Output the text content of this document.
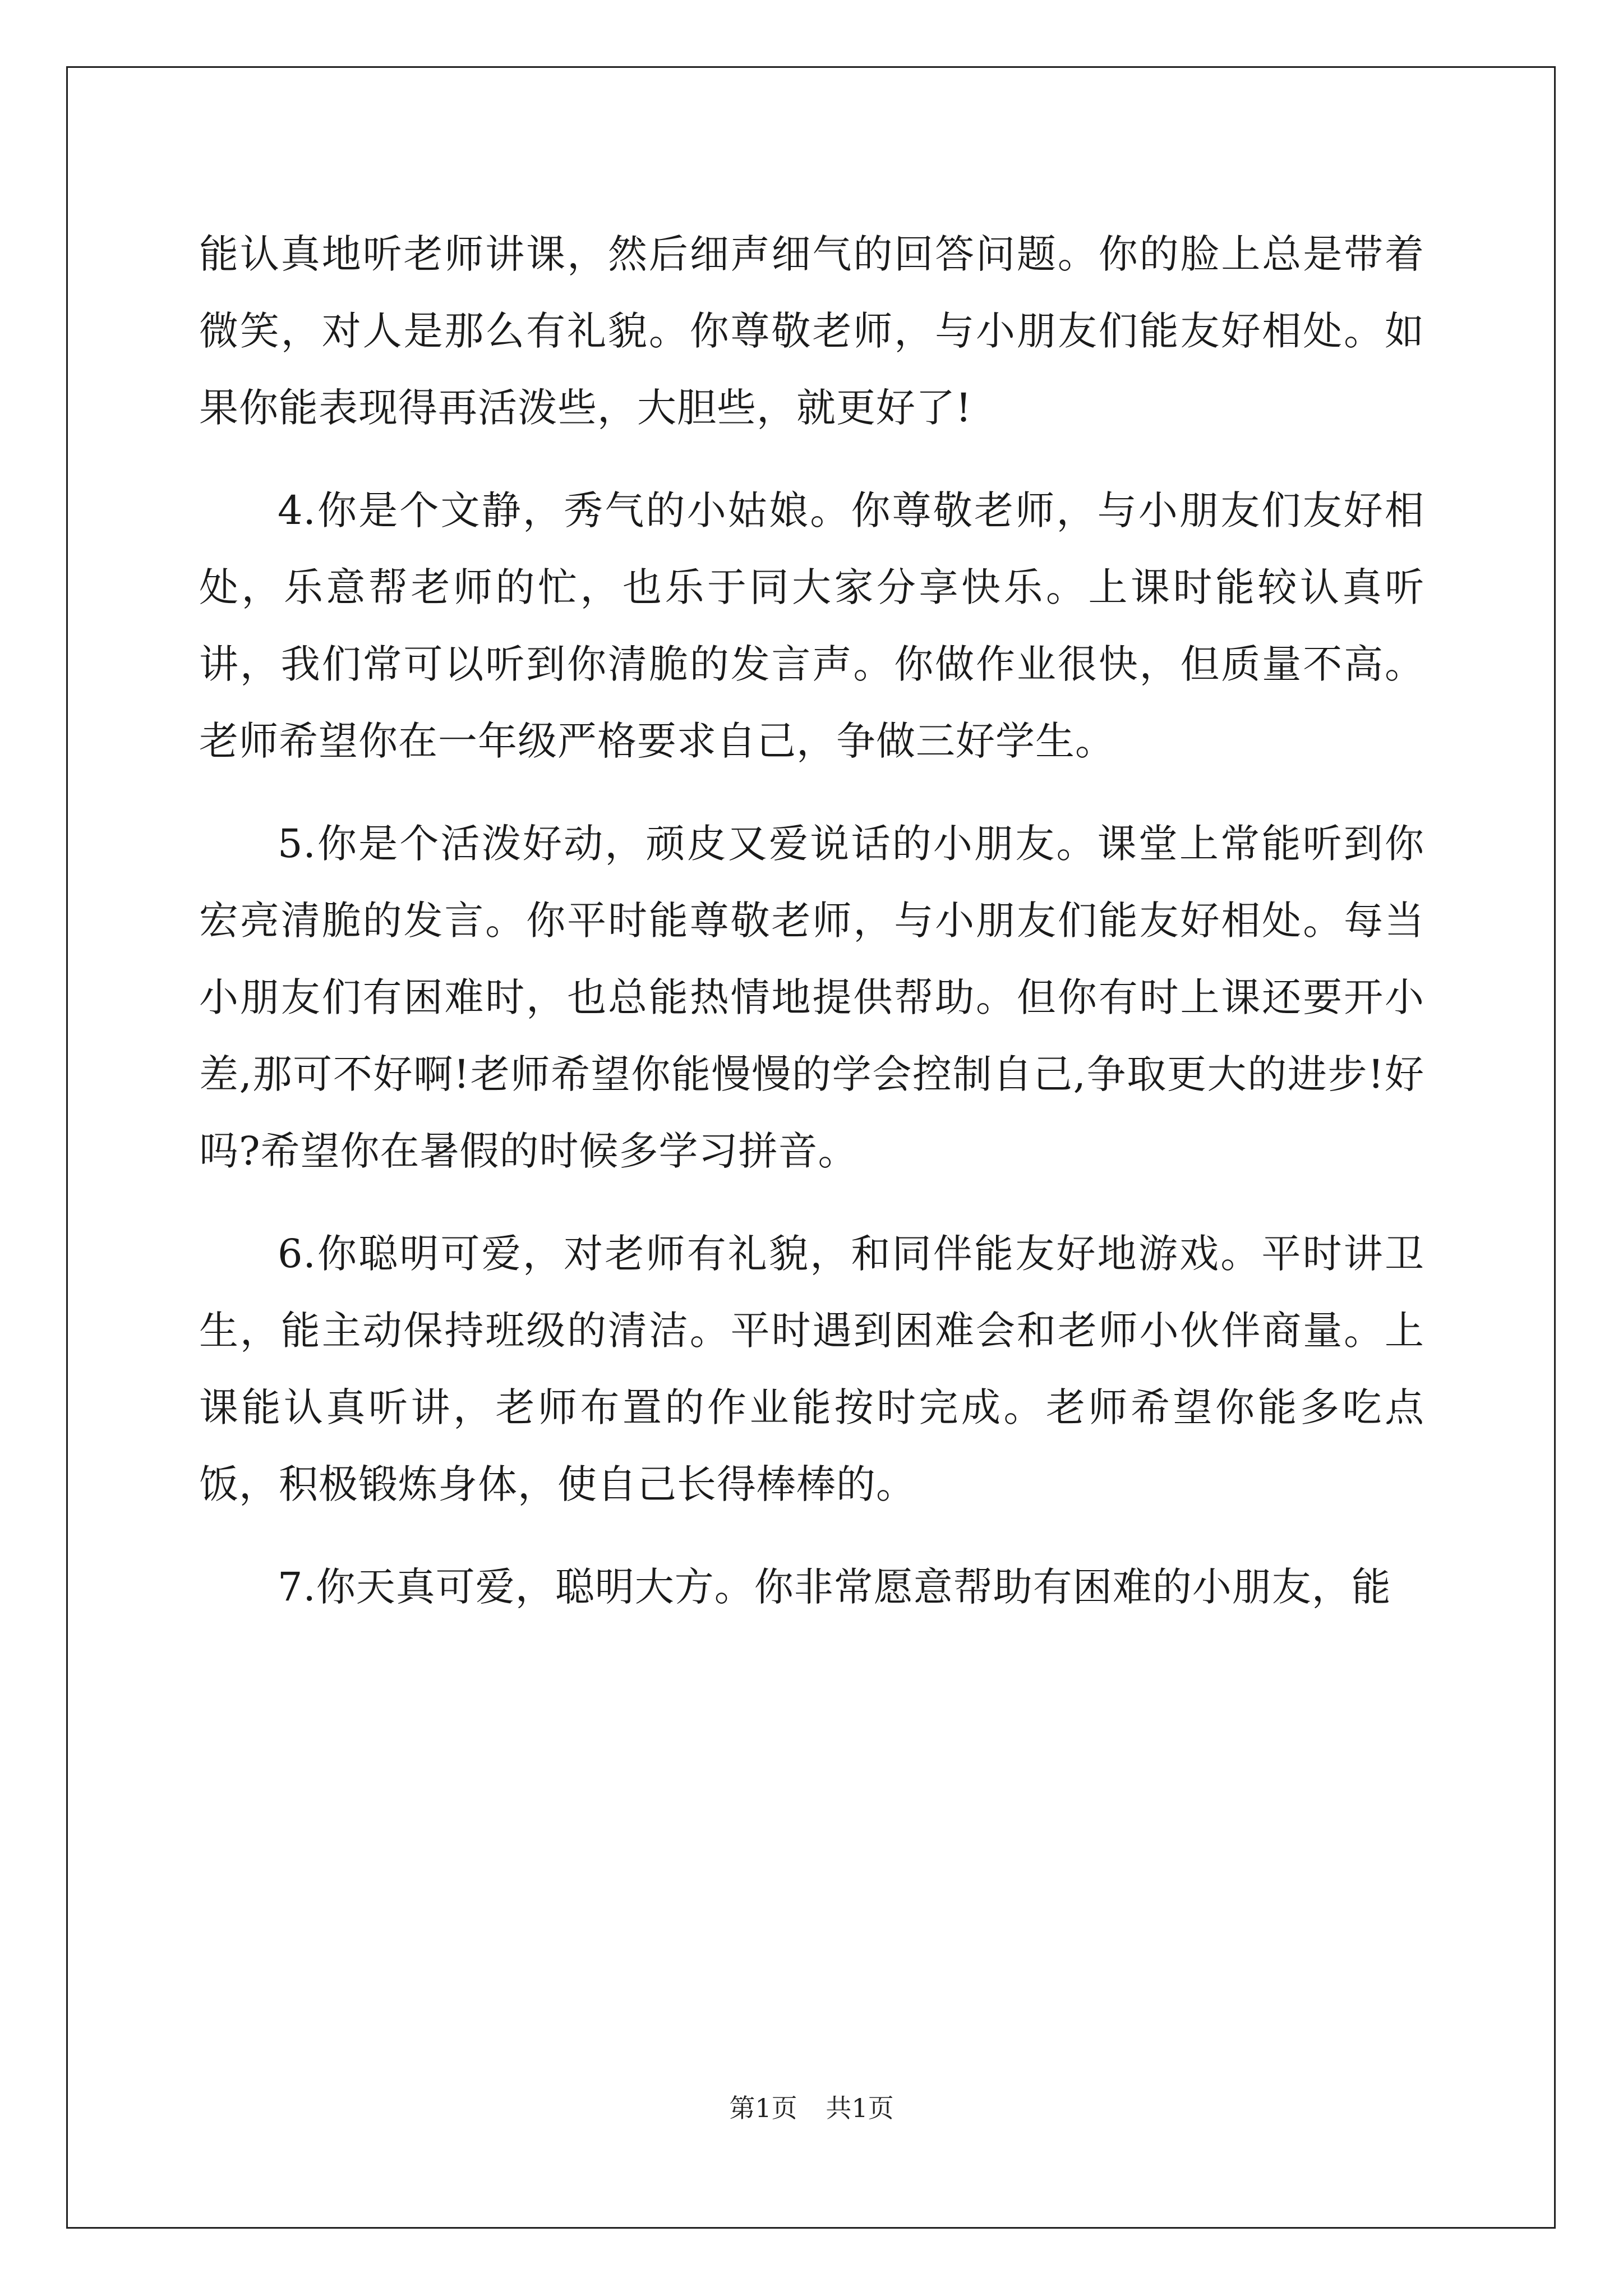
能认真地听老师讲课，然后细声细气的回答问题。你的脸上总是带着微笑，对人是那么有礼貌。你尊敬老师，与小朋友们能友好相处。如果你能表现得再活泼些，大胆些，就更好了!

4.你是个文静，秀气的小姑娘。你尊敬老师，与小朋友们友好相处，乐意帮老师的忙，也乐于同大家分享快乐。上课时能较认真听讲，我们常可以听到你清脆的发言声。你做作业很快，但质量不高。老师希望你在一年级严格要求自己，争做三好学生。

5.你是个活泼好动，顽皮又爱说话的小朋友。课堂上常能听到你宏亮清脆的发言。你平时能尊敬老师，与小朋友们能友好相处。每当小朋友们有困难时，也总能热情地提供帮助。但你有时上课还要开小差,那可不好啊!老师希望你能慢慢的学会控制自己,争取更大的进步!好吗?希望你在暑假的时候多学习拼音。

6.你聪明可爱，对老师有礼貌，和同伴能友好地游戏。平时讲卫生，能主动保持班级的清洁。平时遇到困难会和老师小伙伴商量。上课能认真听讲，老师布置的作业能按时完成。老师希望你能多吃点饭，积极锻炼身体，使自己长得棒棒的。

7.你天真可爱，聪明大方。你非常愿意帮助有困难的小朋友，能

第1页 共1页
